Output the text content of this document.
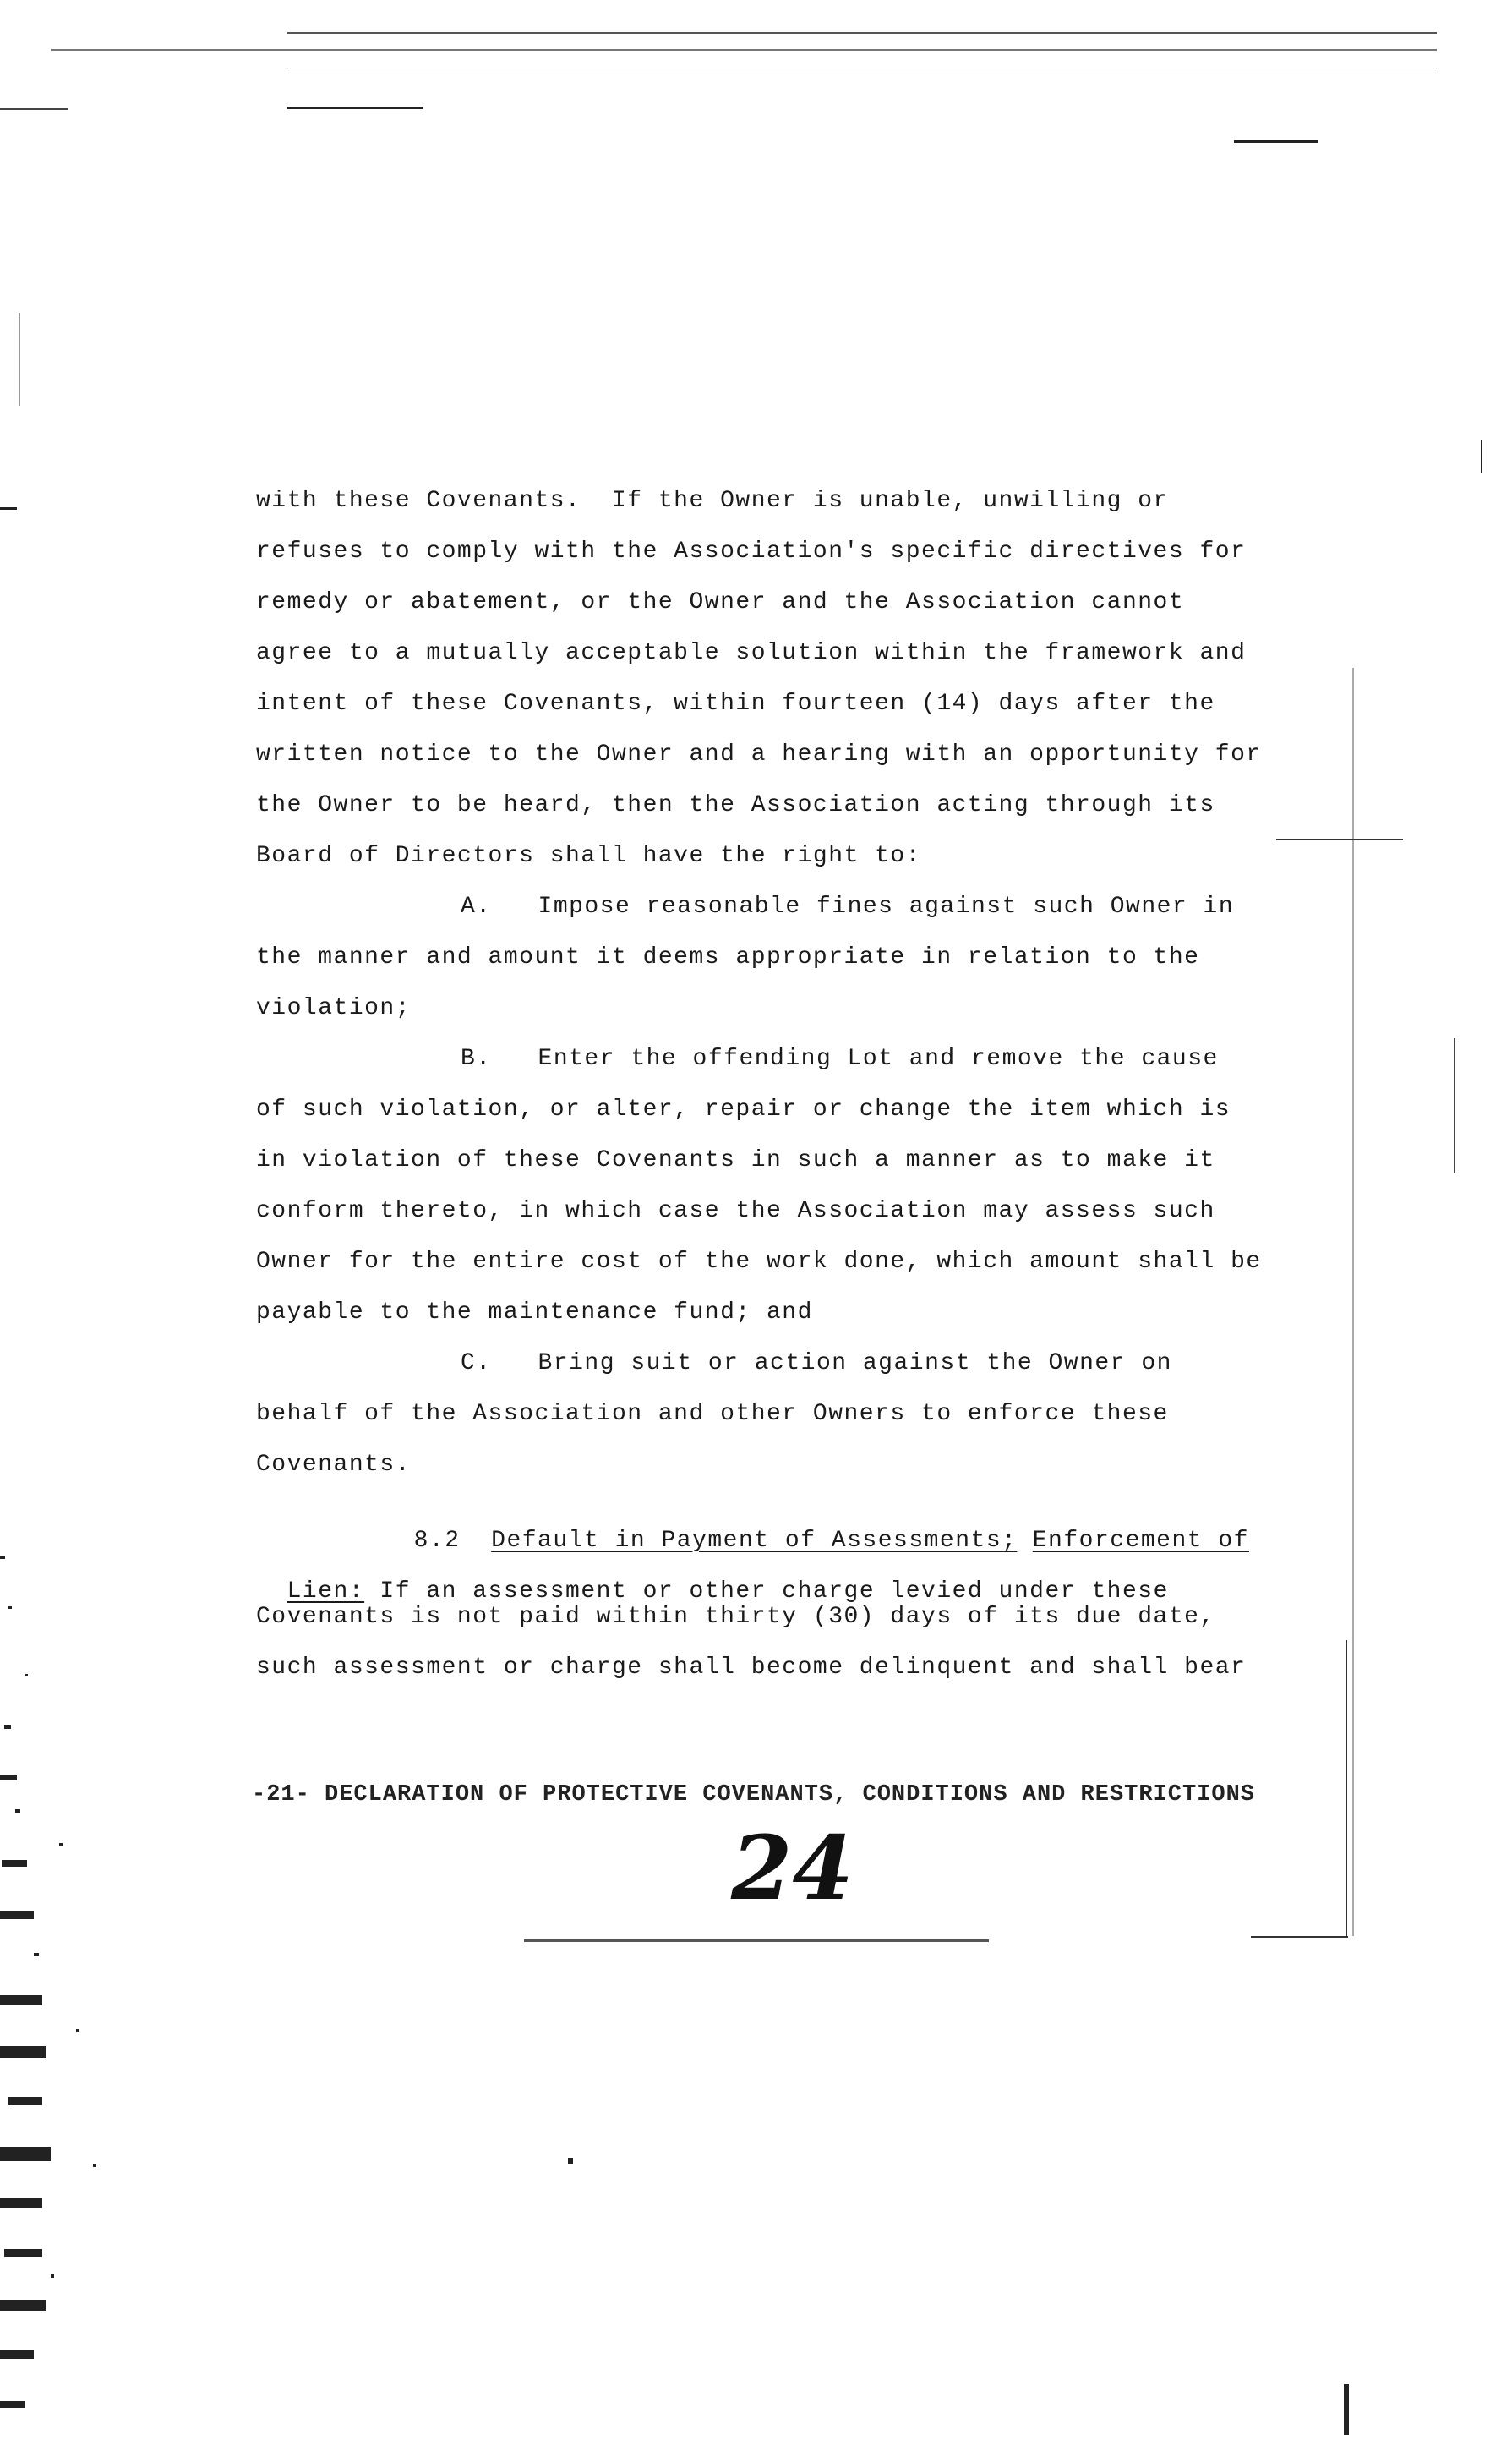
with these Covenants.  If the Owner is unable, unwilling or
refuses to comply with the Association's specific directives for
remedy or abatement, or the Owner and the Association cannot
agree to a mutually acceptable solution within the framework and
intent of these Covenants, within fourteen (14) days after the
written notice to the Owner and a hearing with an opportunity for
the Owner to be heard, then the Association acting through its
Board of Directors shall have the right to:
A.   Impose reasonable fines against such Owner in
the manner and amount it deems appropriate in relation to the
violation;
B.   Enter the offending Lot and remove the cause
of such violation, or alter, repair or change the item which is
in violation of these Covenants in such a manner as to make it
conform thereto, in which case the Association may assess such
Owner for the entire cost of the work done, which amount shall be
payable to the maintenance fund; and
C.   Bring suit or action against the Owner on
behalf of the Association and other Owners to enforce these
Covenants.

8.2 Default in Payment of Assessments; Enforcement of

Lien: If an assessment or other charge levied under these

Covenants is not paid within thirty (30) days of its due date,
such assessment or charge shall become delinquent and shall bear
-21- DECLARATION OF PROTECTIVE COVENANTS, CONDITIONS AND RESTRICTIONS
24
